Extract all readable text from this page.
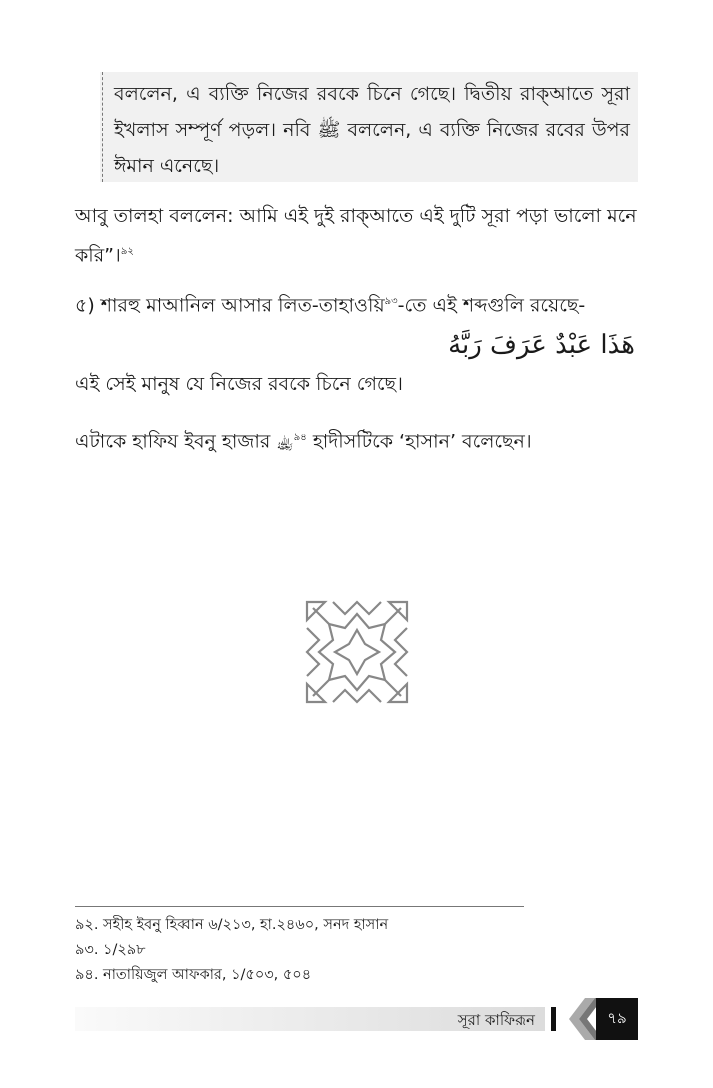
বললেন, এ ব্যক্তি নিজের রবকে চিনে গেছে। দ্বিতীয় রাক্আতে সূরা ইখলাস সম্পূর্ণ পড়ল। নবি ﷺ বললেন, এ ব্যক্তি নিজের রবের উপর ঈমান এনেছে।

আবু তালহা বললেন: আমি এই দুই রাক্আতে এই দুটি সূরা পড়া ভালো মনে করি”।$^{৯২}$

৫) শারহু মাআনিল আসার লিত-তাহাওয়ি$^{৯৩}$-তে এই শব্দগুলি রয়েছে-

هَذَا عَبْدٌ عَرَفَ رَبَّهُ

এই সেই মানুষ যে নিজের রবকে চিনে গেছে।

এটাকে হাফিয ইবনু হাজার ﵀$^{৯৪}$ হাদীসটিকে ‘হাসান’ বলেছেন।

৯২. সহীহ ইবনু হিব্বান ৬/২১৩, হা.২৪৬০, সনদ হাসান

৯৩. ১/২৯৮

৯৪. নাতায়িজুল আফকার, ১/৫০৩, ৫০৪

সূরা কাফিরূন	৭৯
